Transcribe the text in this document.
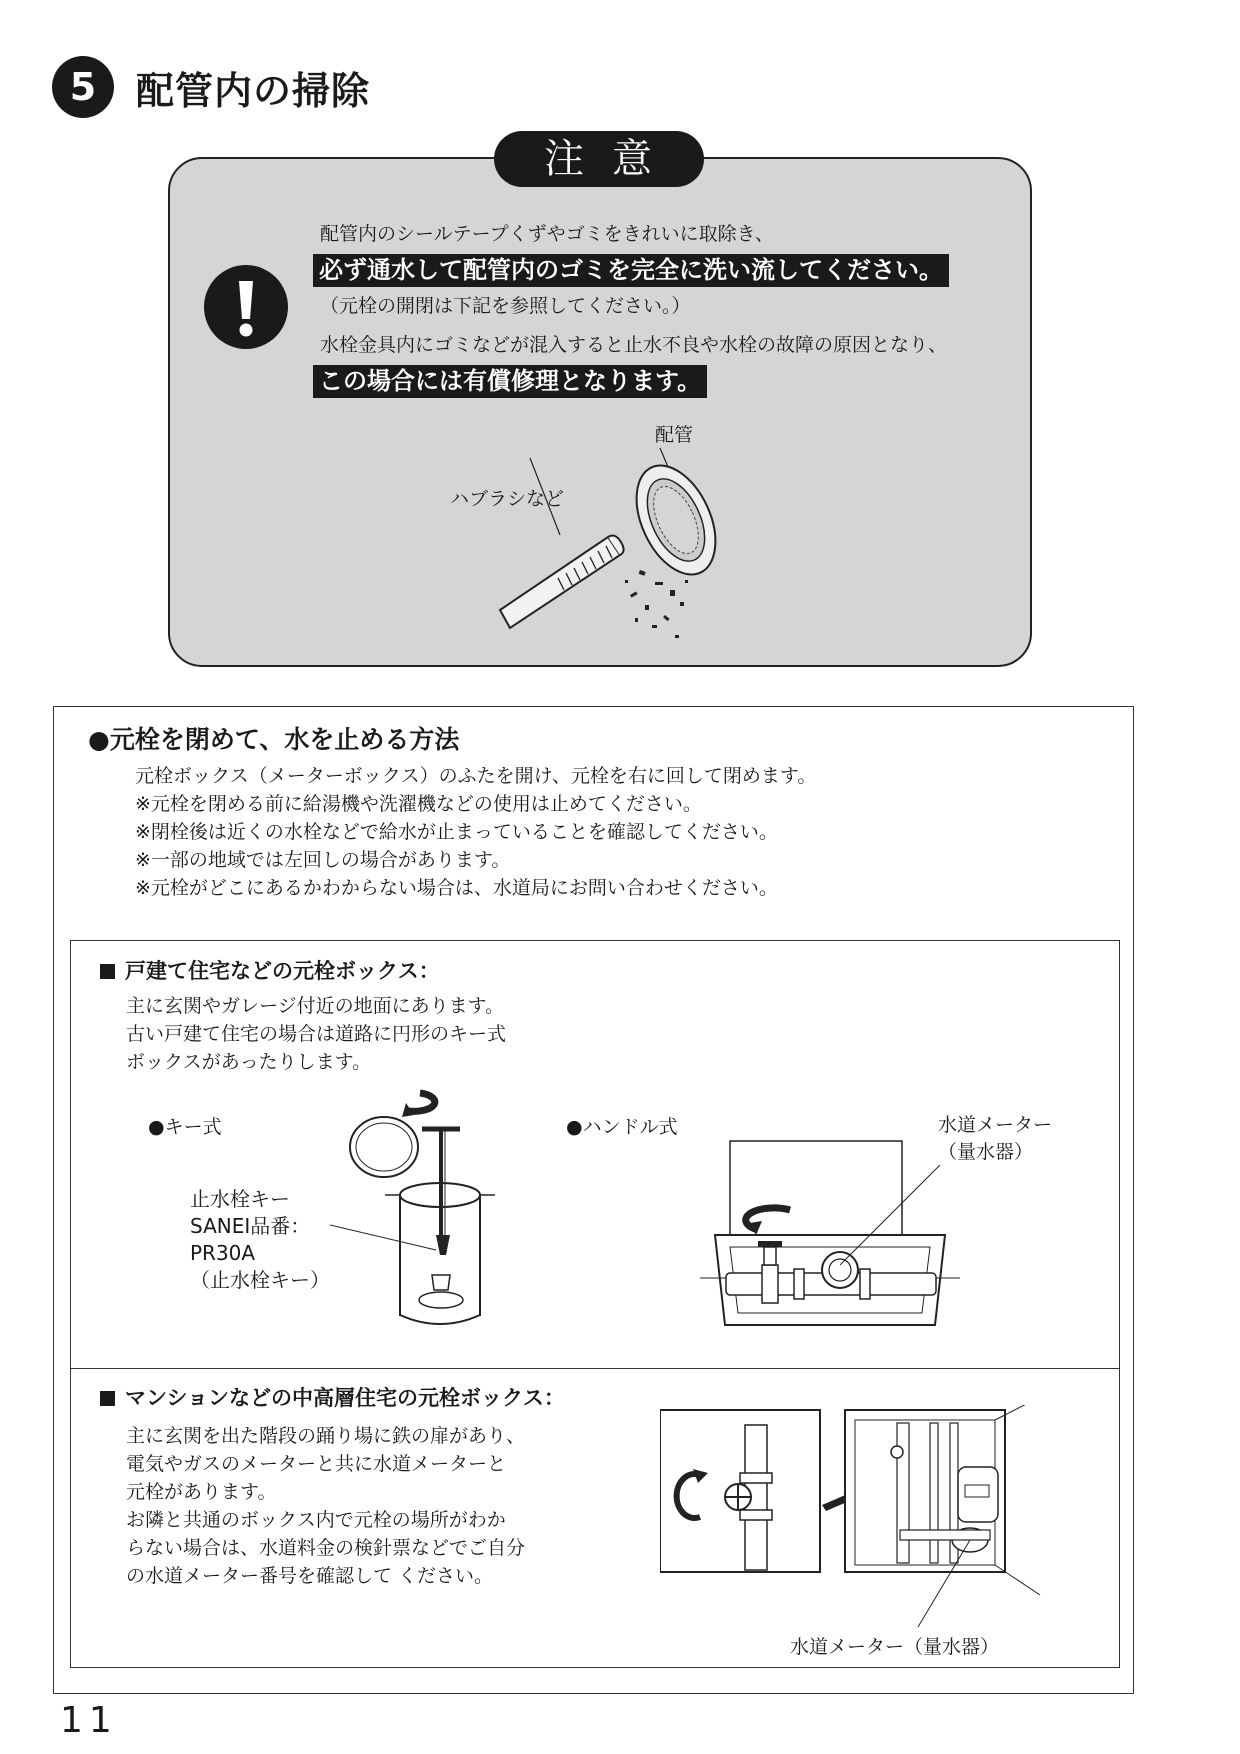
5	配管内の掃除
注意
配管内のシールテープくずやゴミをきれいに取除き、
必ず通水して配管内のゴミを完全に洗い流してください。
（元栓の開閉は下記を参照してください。）
水栓金具内にゴミなどが混入すると止水不良や水栓の故障の原因となり、
この場合には有償修理となります。
配管
ハブラシなど
●元栓を閉めて、水を止める方法
元栓ボックス（メーターボックス）のふたを開け、元栓を右に回して閉めます。
※元栓を閉める前に給湯機や洗濯機などの使用は止めてください。
※閉栓後は近くの水栓などで給水が止まっていることを確認してください。
※一部の地域では左回しの場合があります。
※元栓がどこにあるかわからない場合は、水道局にお問い合わせください。
戸建て住宅などの元栓ボックス：
主に玄関やガレージ付近の地面にあります。
古い戸建て住宅の場合は道路に円形のキー式
ボックスがあったりします。
●キー式	●ハンドル式
止水栓キー
SANEI品番：
PR30A
（止水栓キー）
水道メーター
（量水器）
マンションなどの中高層住宅の元栓ボックス：
主に玄関を出た階段の踊り場に鉄の扉があり、
電気やガスのメーターと共に水道メーターと
元栓があります。
お隣と共通のボックス内で元栓の場所がわか
らない場合は、水道料金の検針票などでご自分
の水道メーター番号を確認して ください。
水道メーター（量水器）
11
